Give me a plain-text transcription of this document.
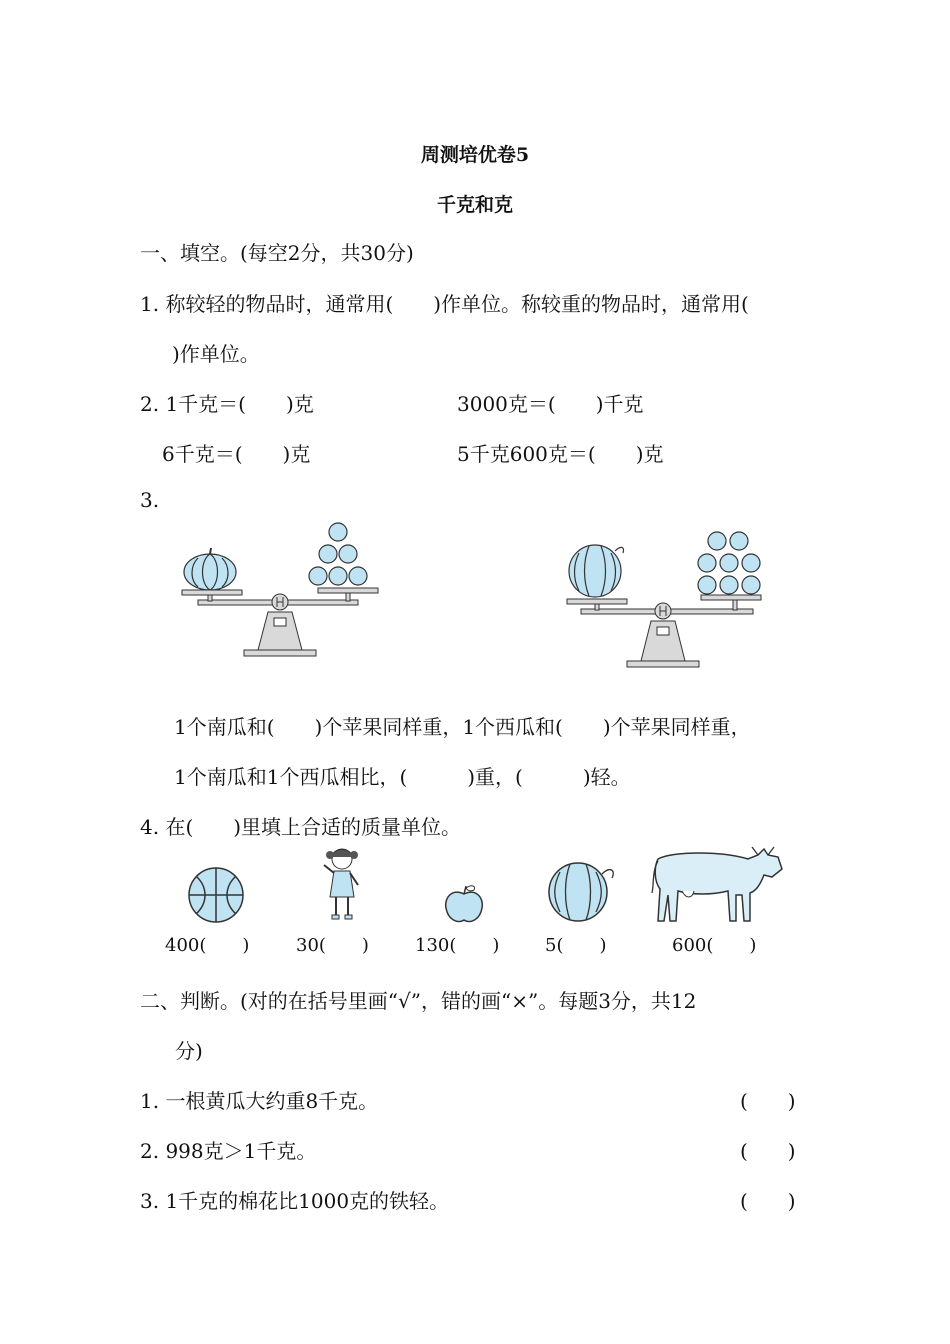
周测培优卷5
千克和克
一、填空。(每空2分，共30分)
1. 称较轻的物品时，通常用(　　)作单位。称较重的物品时，通常用(
)作单位。
2. 1千克＝(　　)克	3000克＝(　　)千克
6千克＝(　　)克	5千克600克＝(　　)克
3.
1个南瓜和(　　)个苹果同样重，1个西瓜和(　　)个苹果同样重，
1个南瓜和1个西瓜相比，(　　　)重，(　　　)轻。
4. 在(　　)里填上合适的质量单位。
400(　　)	30(　　)	130(　　)	5(　　)	600(　　)
二、判断。(对的在括号里画“√”，错的画“×”。每题3分，共12
分)
1. 一根黄瓜大约重8千克。	(　　)
2. 998克＞1千克。	(　　)
3. 1千克的棉花比1000克的铁轻。	(　　)
